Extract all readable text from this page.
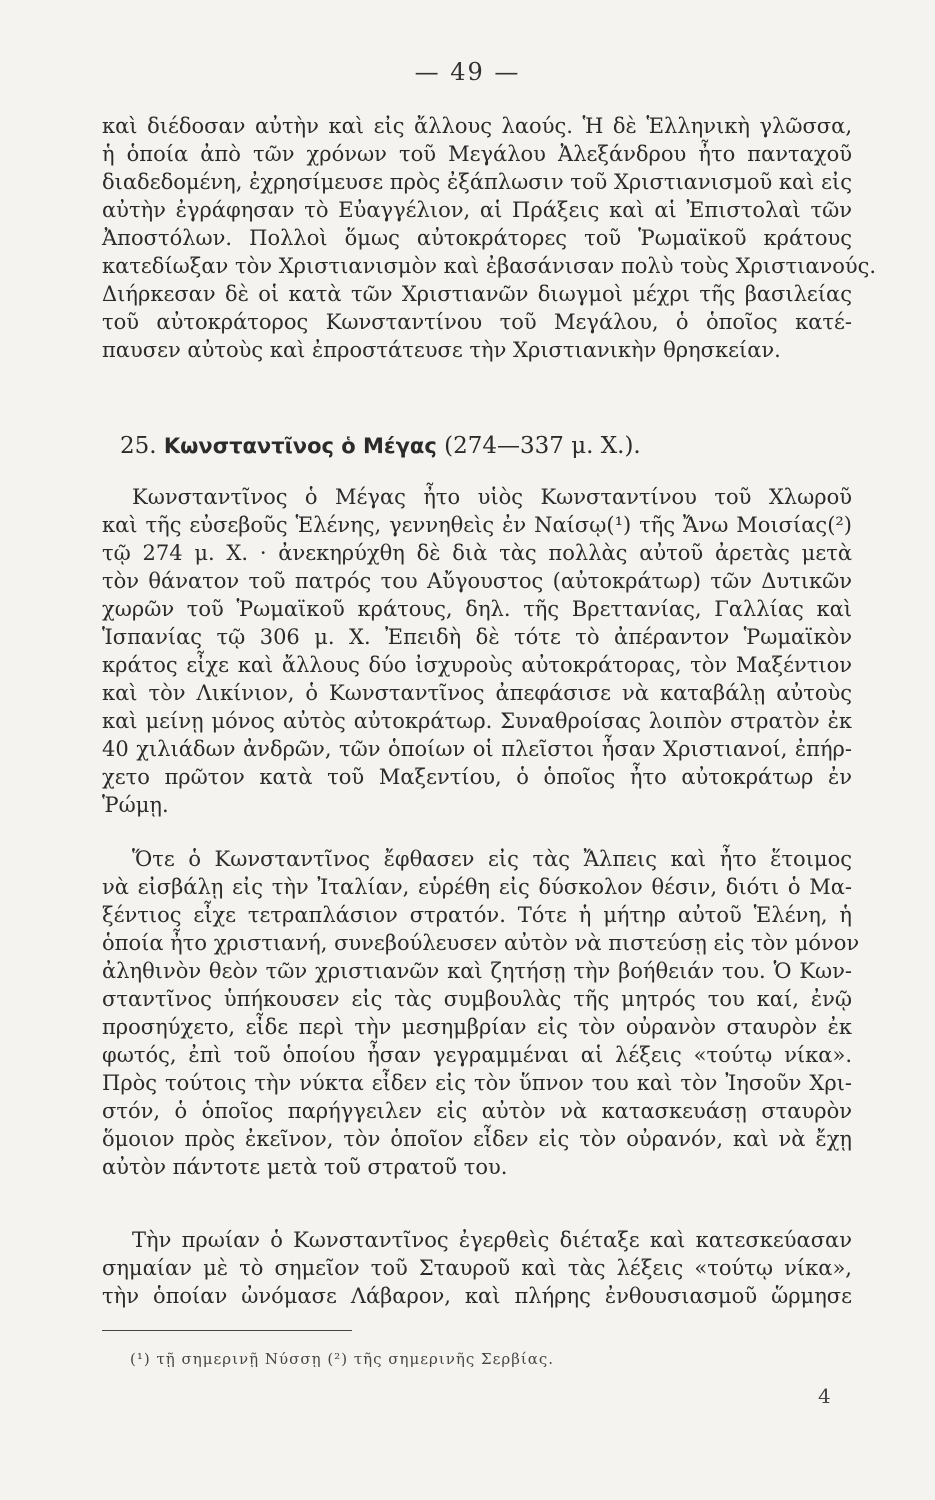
— 49 —
καὶ διέδοσαν αὐτὴν καὶ εἰς ἄλλους λαούς. Ἡ δὲ Ἑλληνικὴ γλῶσσα,
ἡ ὁποία ἀπὸ τῶν χρόνων τοῦ Μεγάλου Ἀλεξάνδρου ἦτο πανταχοῦ
διαδεδομένη, ἐχρησίμευσε πρὸς ἐξάπλωσιν τοῦ Χριστιανισμοῦ καὶ εἰς
αὐτὴν ἐγράφησαν τὸ Εὐαγγέλιον, αἱ Πράξεις καὶ αἱ Ἐπιστολαὶ τῶν
Ἀποστόλων. Πολλοὶ ὅμως αὐτοκράτορες τοῦ Ῥωμαϊκοῦ κράτους
κατεδίωξαν τὸν Χριστιανισμὸν καὶ ἐβασάνισαν πολὺ τοὺς Χριστιανούς.
Διήρκεσαν δὲ οἱ κατὰ τῶν Χριστιανῶν διωγμοὶ μέχρι τῆς βασιλείας
τοῦ αὐτοκράτορος Κωνσταντίνου τοῦ Μεγάλου, ὁ ὁποῖος κατέ-
παυσεν αὐτοὺς καὶ ἐπροστάτευσε τὴν Χριστιανικὴν θρησκείαν.
25. Κωνσταντῖνος ὁ Μέγας (274—337 μ. Χ.).
Κωνσταντῖνος ὁ Μέγας ἦτο υἱὸς Κωνσταντίνου τοῦ Χλωροῦ
καὶ τῆς εὐσεβοῦς Ἑλένης, γεννηθεὶς ἐν Ναίσῳ(¹) τῆς Ἄνω Μοισίας(²)
τῷ 274 μ. Χ. · ἀνεκηρύχθη δὲ διὰ τὰς πολλὰς αὐτοῦ ἀρετὰς μετὰ
τὸν θάνατον τοῦ πατρός του Αὔγουστος (αὐτοκράτωρ) τῶν Δυτικῶν
χωρῶν τοῦ Ῥωμαϊκοῦ κράτους, δηλ. τῆς Βρεττανίας, Γαλλίας καὶ
Ἱσπανίας τῷ 306 μ. Χ. Ἐπειδὴ δὲ τότε τὸ ἀπέραντον Ῥωμαϊκὸν
κράτος εἶχε καὶ ἄλλους δύο ἰσχυροὺς αὐτοκράτορας, τὸν Μαξέντιον
καὶ τὸν Λικίνιον, ὁ Κωνσταντῖνος ἀπεφάσισε νὰ καταβάλῃ αὐτοὺς
καὶ μείνῃ μόνος αὐτὸς αὐτοκράτωρ. Συναθροίσας λοιπὸν στρατὸν ἐκ
40 χιλιάδων ἀνδρῶν, τῶν ὁποίων οἱ πλεῖστοι ἦσαν Χριστιανοί, ἐπήρ-
χετο πρῶτον κατὰ τοῦ Μαξεντίου, ὁ ὁποῖος ἦτο αὐτοκράτωρ ἐν
Ῥώμῃ.
Ὅτε ὁ Κωνσταντῖνος ἔφθασεν εἰς τὰς Ἄλπεις καὶ ἦτο ἕτοιμος
νὰ εἰσβάλῃ εἰς τὴν Ἰταλίαν, εὑρέθη εἰς δύσκολον θέσιν, διότι ὁ Μα-
ξέντιος εἶχε τετραπλάσιον στρατόν. Τότε ἡ μήτηρ αὐτοῦ Ἑλένη, ἡ
ὁποία ἦτο χριστιανή, συνεβούλευσεν αὐτὸν νὰ πιστεύσῃ εἰς τὸν μόνον
ἀληθινὸν θεὸν τῶν χριστιανῶν καὶ ζητήσῃ τὴν βοήθειάν του. Ὁ Κων-
σταντῖνος ὑπήκουσεν εἰς τὰς συμβουλὰς τῆς μητρός του καί, ἐνῷ
προσηύχετο, εἶδε περὶ τὴν μεσημβρίαν εἰς τὸν οὐρανὸν σταυρὸν ἐκ
φωτός, ἐπὶ τοῦ ὁποίου ἦσαν γεγραμμέναι αἱ λέξεις «τούτῳ νίκα».
Πρὸς τούτοις τὴν νύκτα εἶδεν εἰς τὸν ὕπνον του καὶ τὸν Ἰησοῦν Χρι-
στόν, ὁ ὁποῖος παρήγγειλεν εἰς αὐτὸν νὰ κατασκευάσῃ σταυρὸν
ὅμοιον πρὸς ἐκεῖνον, τὸν ὁποῖον εἶδεν εἰς τὸν οὐρανόν, καὶ νὰ ἔχῃ
αὐτὸν πάντοτε μετὰ τοῦ στρατοῦ του.
Τὴν πρωίαν ὁ Κωνσταντῖνος ἐγερθεὶς διέταξε καὶ κατεσκεύασαν
σημαίαν μὲ τὸ σημεῖον τοῦ Σταυροῦ καὶ τὰς λέξεις «τούτῳ νίκα»,
τὴν ὁποίαν ὠνόμασε Λάβαρον, καὶ πλήρης ἐνθουσιασμοῦ ὥρμησε
(¹) τῇ σημερινῇ Νύσσῃ (²) τῆς σημερινῆς Σερβίας.
4
